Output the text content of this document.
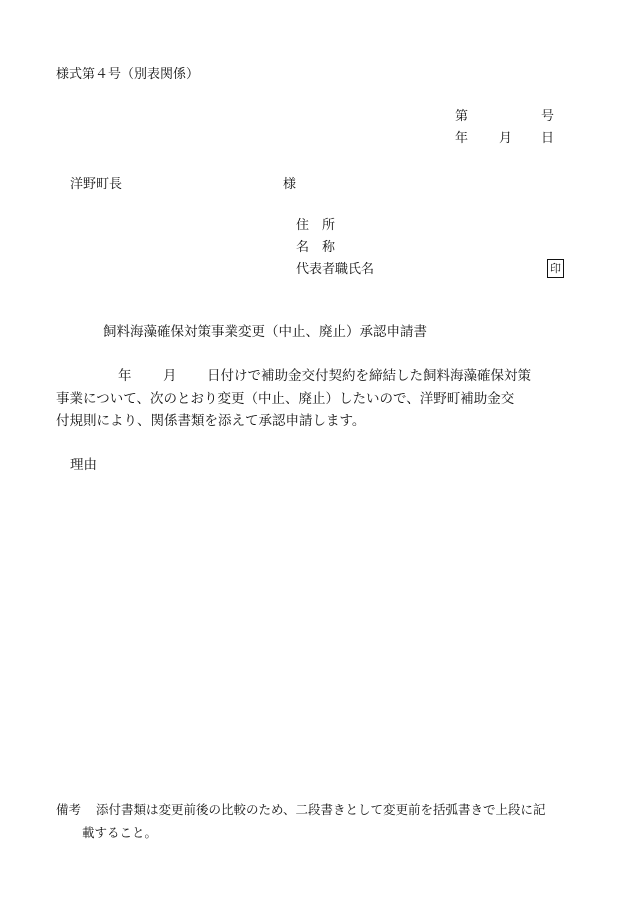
様式第４号（別表関係）
第	号
年 月 日
洋野町長	様
住　所
名　称
代表者職氏名	印
飼料海藻確保対策事業変更（中止、廃止）承認申請書
年 月 日付けで補助金交付契約を締結した飼料海藻確保対策
事業について、次のとおり変更（中止、廃止）したいので、洋野町補助金交
付規則により、関係書類を添えて承認申請します。
理由
備考 添付書類は変更前後の比較のため、二段書きとして変更前を括弧書きで上段に記
載すること。
